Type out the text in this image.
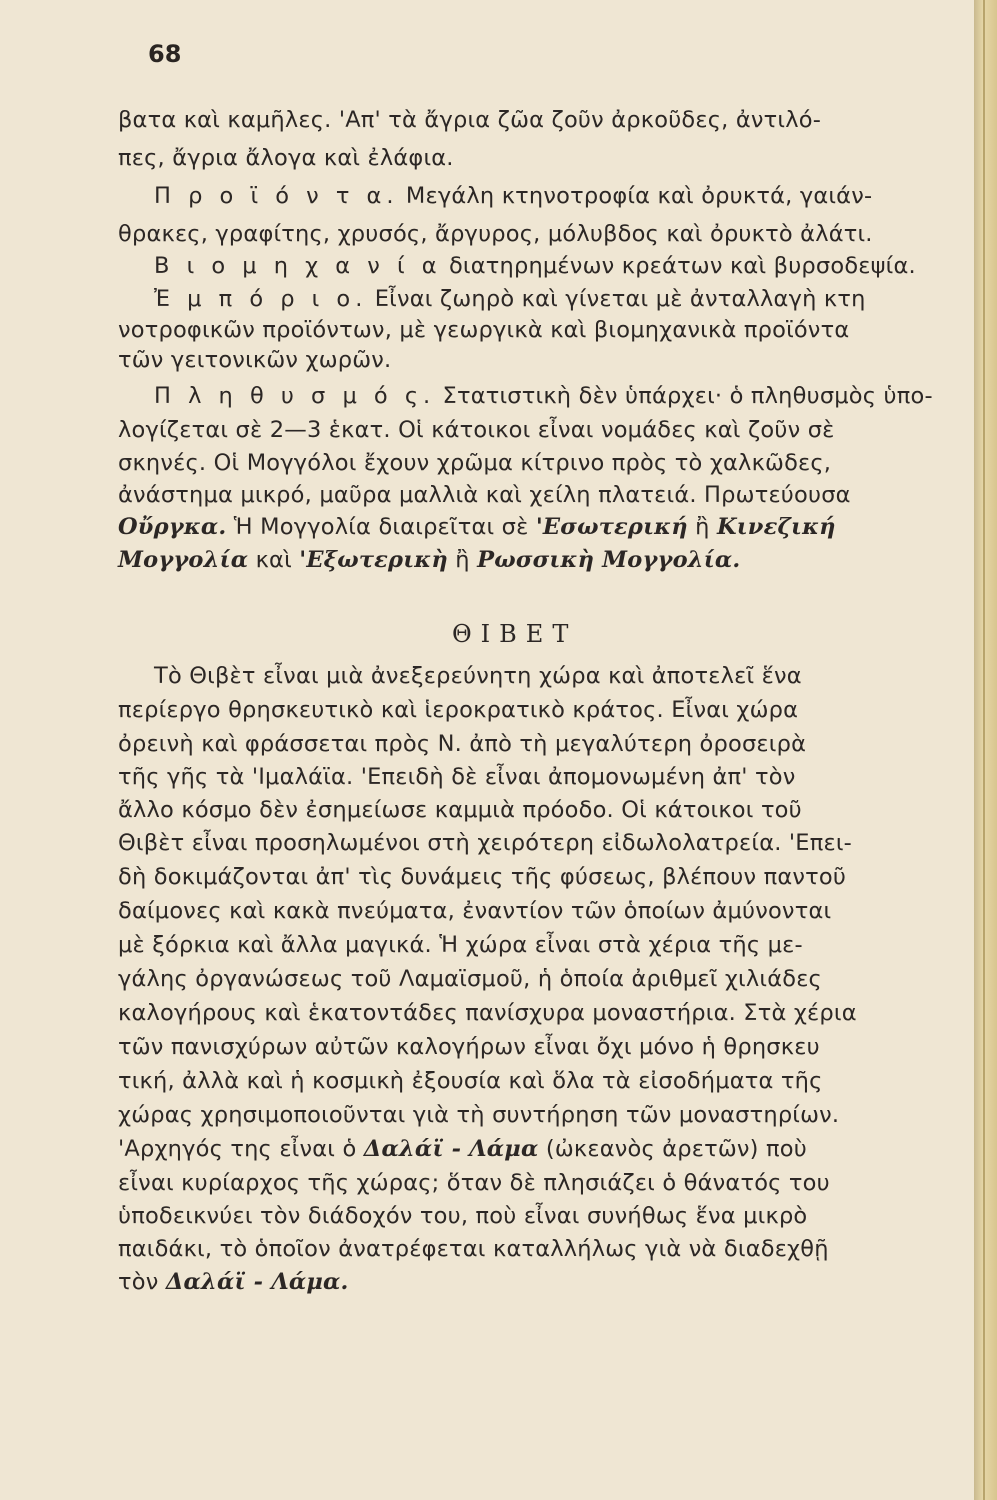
68
βατα καὶ καμῆλες. 'Απ' τὰ ἄγρια ζῶα ζοῦν ἀρκοῦδες, ἀντιλό-
πες, ἄγρια ἄλογα καὶ ἐλάφια.
Π ρ ο ϊ ό ν τ α. Μεγάλη κτηνοτροφία καὶ ὀρυκτά, γαιάν-
θρακες, γραφίτης, χρυσός, ἄργυρος, μόλυβδος καὶ ὀρυκτὸ ἀλάτι.
Β ι ο μ η χ α ν ί α διατηρημένων κρεάτων καὶ βυρσοδεψία.
Ἐ μ π ό ρ ι ο. Εἶναι ζωηρὸ καὶ γίνεται μὲ ἀνταλλαγὴ κτη
νοτροφικῶν προϊόντων, μὲ γεωργικὰ καὶ βιομηχανικὰ προϊόντα
τῶν γειτονικῶν χωρῶν.
Π λ η θ υ σ μ ό ς. Στατιστικὴ δὲν ὑπάρχει· ὁ πληθυσμὸς ὑπο-
λογίζεται σὲ 2—3 ἑκατ. Οἱ κάτοικοι εἶναι νομάδες καὶ ζοῦν σὲ
σκηνές. Οἱ Μογγόλοι ἔχουν χρῶμα κίτρινο πρὸς τὸ χαλκῶδες,
ἀνάστημα μικρό, μαῦρα μαλλιὰ καὶ χείλη πλατειά. Πρωτεύουσα
Οὔργκα. Ἡ Μογγολία διαιρεῖται σὲ 'Εσωτερική ἢ Κινεζική
Μογγολία καὶ 'Εξωτερικὴ ἢ Ρωσσικὴ Μογγολία.
ΘΙΒΕΤ
Τὸ Θιβὲτ εἶναι μιὰ ἀνεξερεύνητη χώρα καὶ ἀποτελεῖ ἕνα
περίεργο θρησκευτικὸ καὶ ἱεροκρατικὸ κράτος. Εἶναι χώρα
ὀρεινὴ καὶ φράσσεται πρὸς Ν. ἀπὸ τὴ μεγαλύτερη ὀροσειρὰ
τῆς γῆς τὰ 'Ιμαλάϊα. 'Επειδὴ δὲ εἶναι ἀπομονωμένη ἀπ' τὸν
ἄλλο κόσμο δὲν ἐσημείωσε καμμιὰ πρόοδο. Οἱ κάτοικοι τοῦ
Θιβὲτ εἶναι προσηλωμένοι στὴ χειρότερη εἰδωλολατρεία. 'Επει-
δὴ δοκιμάζονται ἀπ' τὶς δυνάμεις τῆς φύσεως, βλέπουν παντοῦ
δαίμονες καὶ κακὰ πνεύματα, ἐναντίον τῶν ὁποίων ἀμύνονται
μὲ ξόρκια καὶ ἄλλα μαγικά. Ἡ χώρα εἶναι στὰ χέρια τῆς με-
γάλης ὀργανώσεως τοῦ Λαμαϊσμοῦ, ἡ ὁποία ἀριθμεῖ χιλιάδες
καλογήρους καὶ ἑκατοντάδες πανίσχυρα μοναστήρια. Στὰ χέρια
τῶν πανισχύρων αὐτῶν καλογήρων εἶναι ὄχι μόνο ἡ θρησκευ
τική, ἀλλὰ καὶ ἡ κοσμικὴ ἐξουσία καὶ ὅλα τὰ εἰσοδήματα τῆς
χώρας χρησιμοποιοῦνται γιὰ τὴ συντήρηση τῶν μοναστηρίων.
'Αρχηγός της εἶναι ὁ Δαλάϊ - Λάμα (ὠκεανὸς ἀρετῶν) ποὺ
εἶναι κυρίαρχος τῆς χώρας; ὅταν δὲ πλησιάζει ὁ θάνατός του
ὑποδεικνύει τὸν διάδοχόν του, ποὺ εἶναι συνήθως ἕνα μικρὸ
παιδάκι, τὸ ὁποῖον ἀνατρέφεται καταλλήλως γιὰ νὰ διαδεχθῇ
τὸν Δαλάϊ - Λάμα.
